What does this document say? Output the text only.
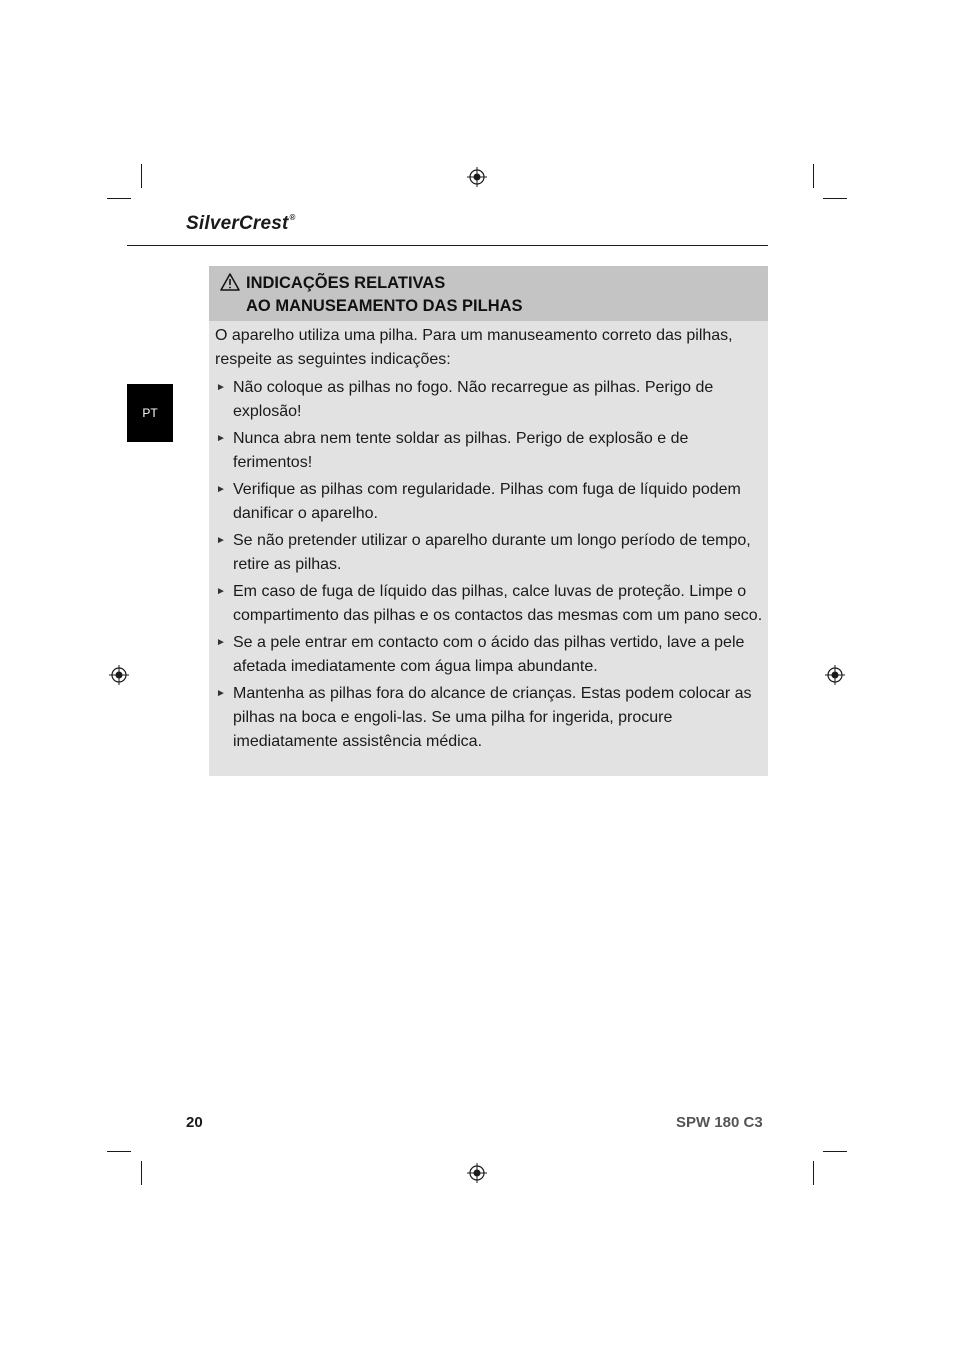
SilverCrest®
PT
INDICAÇÕES RELATIVAS
AO MANUSEAMENTO DAS PILHAS
O aparelho utiliza uma pilha. Para um manuseamento correto das pilhas, respeite as seguintes indicações:
► Não coloque as pilhas no fogo. Não recarregue as pilhas. Perigo de explosão!
► Nunca abra nem tente soldar as pilhas. Perigo de explosão e de ferimentos!
► Verifique as pilhas com regularidade. Pilhas com fuga de líquido podem danificar o aparelho.
► Se não pretender utilizar o aparelho durante um longo período de tempo, retire as pilhas.
► Em caso de fuga de líquido das pilhas, calce luvas de proteção. Limpe o compartimento das pilhas e os contactos das mesmas com um pano seco.
► Se a pele entrar em contacto com o ácido das pilhas vertido, lave a pele afetada imediatamente com água limpa abundante.
► Mantenha as pilhas fora do alcance de crianças. Estas podem colocar as pilhas na boca e engoli-las. Se uma pilha for ingerida, procure imediatamente assistência médica.
20	SPW 180 C3
